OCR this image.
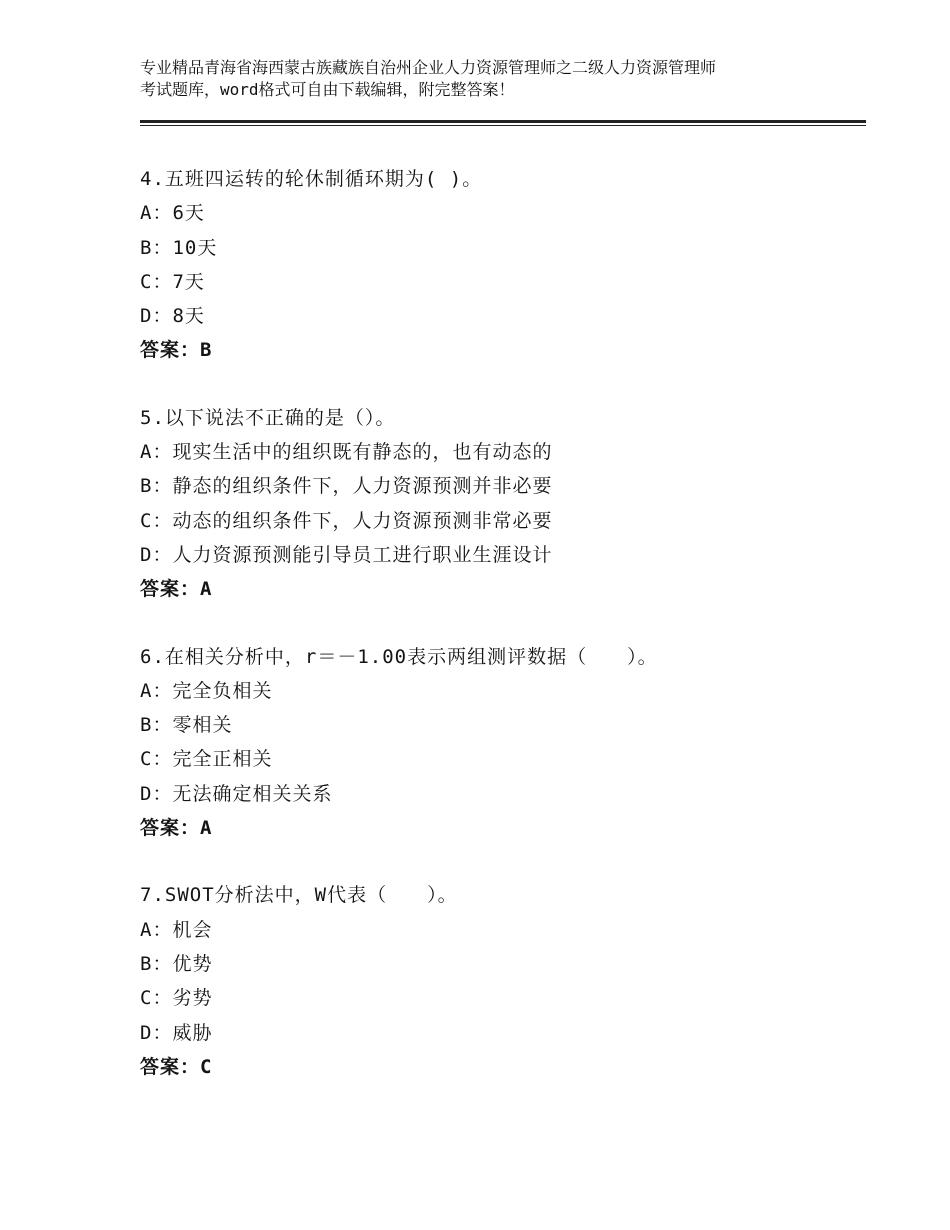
专业精品青海省海西蒙古族藏族自治州企业人力资源管理师之二级人力资源管理师
考试题库，word格式可自由下载编辑，附完整答案！
4.五班四运转的轮休制循环期为( )。
A：6天
B：10天
C：7天
D：8天
答案：B
5.以下说法不正确的是（）。
A：现实生活中的组织既有静态的，也有动态的
B：静态的组织条件下，人力资源预测并非必要
C：动态的组织条件下，人力资源预测非常必要
D：人力资源预测能引导员工进行职业生涯设计
答案：A
6.在相关分析中，r＝－1.00表示两组测评数据（　　）。
A：完全负相关
B：零相关
C：完全正相关
D：无法确定相关关系
答案：A
7.SWOT分析法中，W代表（　　）。
A：机会
B：优势
C：劣势
D：威胁
答案：C
